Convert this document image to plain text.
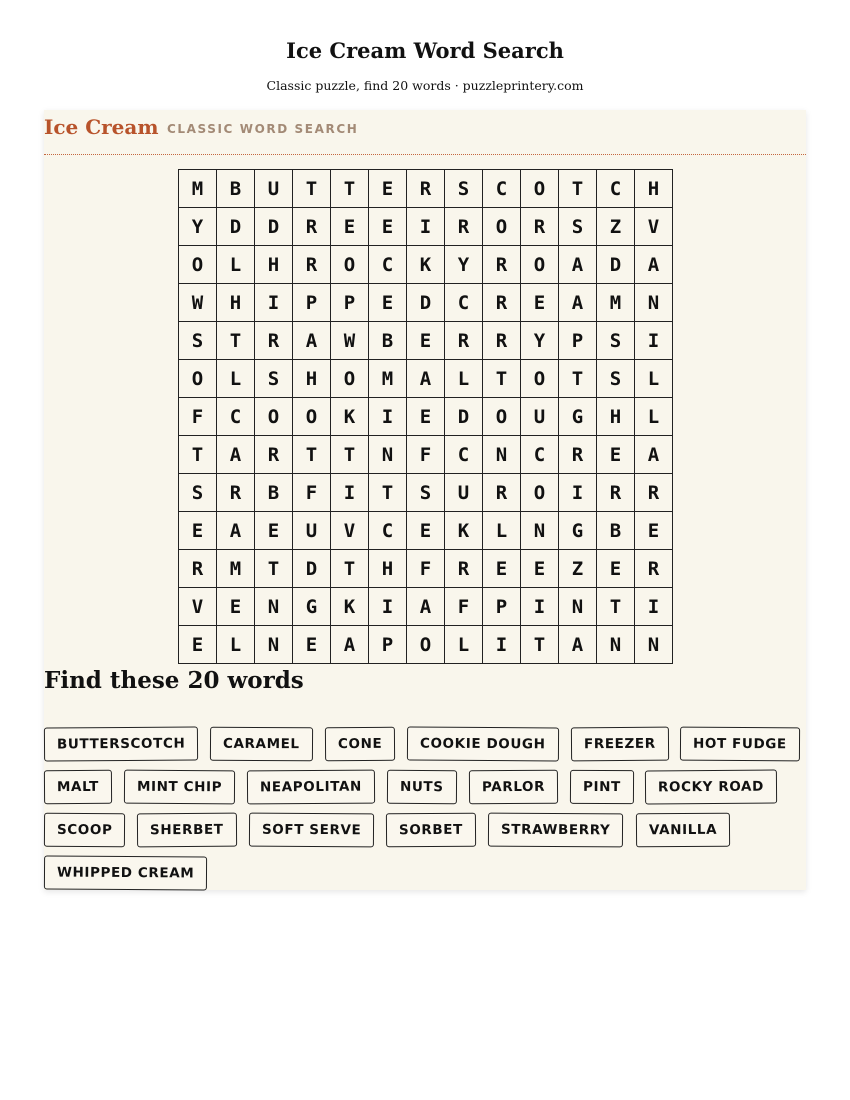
Ice Cream Word Search
Classic puzzle, find 20 words · puzzleprintery.com
Ice Cream CLASSIC WORD SEARCH
M	B	U	T	T	E	R	S	C	O	T	C	H
Y	D	D	R	E	E	I	R	O	R	S	Z	V
O	L	H	R	O	C	K	Y	R	O	A	D	A
W	H	I	P	P	E	D	C	R	E	A	M	N
S	T	R	A	W	B	E	R	R	Y	P	S	I
O	L	S	H	O	M	A	L	T	O	T	S	L
F	C	O	O	K	I	E	D	O	U	G	H	L
T	A	R	T	T	N	F	C	N	C	R	E	A
S	R	B	F	I	T	S	U	R	O	I	R	R
E	A	E	U	V	C	E	K	L	N	G	B	E
R	M	T	D	T	H	F	R	E	E	Z	E	R
V	E	N	G	K	I	A	F	P	I	N	T	I
E	L	N	E	A	P	O	L	I	T	A	N	N
Find these 20 words
BUTTERSCOTCH	CARAMEL	CONE	COOKIE DOUGH	FREEZER	HOT FUDGE
MALT	MINT CHIP	NEAPOLITAN	NUTS	PARLOR	PINT	ROCKY ROAD
SCOOP	SHERBET	SOFT SERVE	SORBET	STRAWBERRY	VANILLA
WHIPPED CREAM
